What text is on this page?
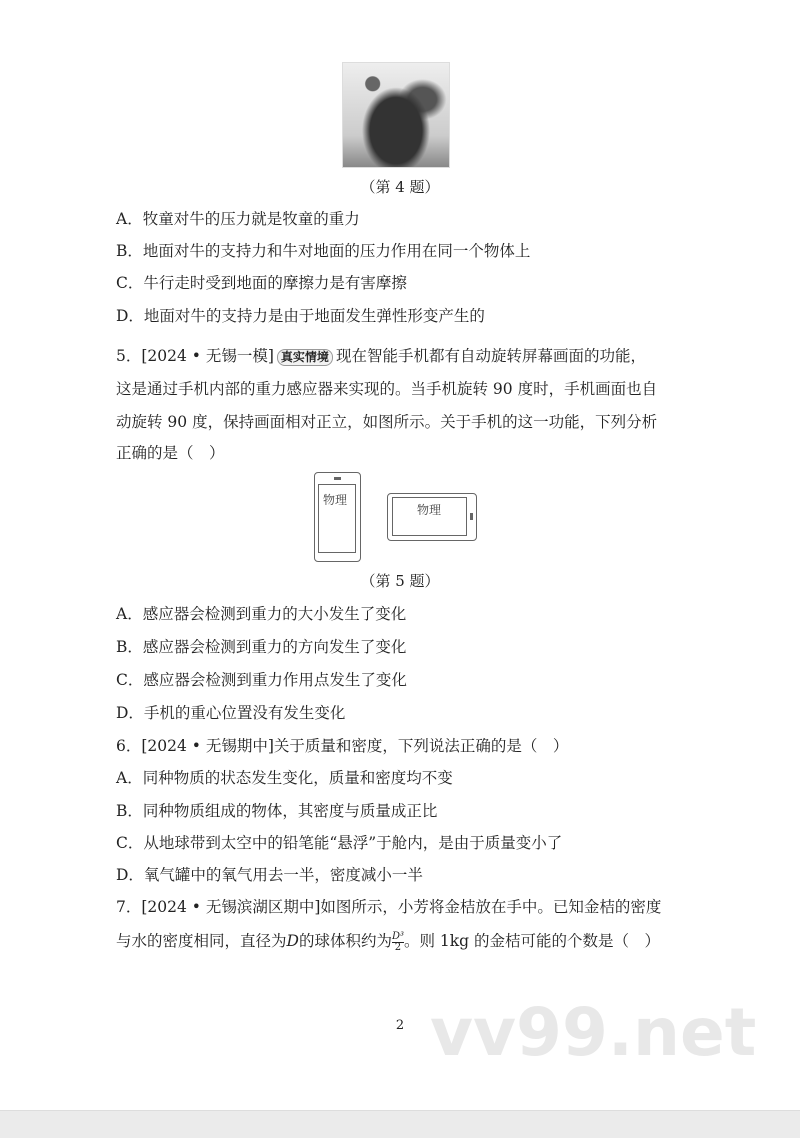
（第 4 题）
A．牧童对牛的压力就是牧童的重力
B．地面对牛的支持力和牛对地面的压力作用在同一个物体上
C．牛行走时受到地面的摩擦力是有害摩擦
D．地面对牛的支持力是由于地面发生弹性形变产生的
5．[2024 • 无锡一模] 真实情境 现在智能手机都有自动旋转屏幕画面的功能，
这是通过手机内部的重力感应器来实现的。当手机旋转 90 度时，手机画面也自
动旋转 90 度，保持画面相对正立，如图所示。关于手机的这一功能，下列分析
正确的是（　）
物理
物理
（第 5 题）
A．感应器会检测到重力的大小发生了变化
B．感应器会检测到重力的方向发生了变化
C．感应器会检测到重力作用点发生了变化
D．手机的重心位置没有发生变化
6．[2024 • 无锡期中]关于质量和密度，下列说法正确的是（　）
A．同种物质的状态发生变化，质量和密度均不变
B．同种物质组成的物体，其密度与质量成正比
C．从地球带到太空中的铅笔能“悬浮”于舱内，是由于质量变小了
D．氧气罐中的氧气用去一半，密度减小一半
7．[2024 • 无锡滨湖区期中]如图所示，小芳将金桔放在手中。已知金桔的密度
与水的密度相同，直径为D的球体积约为 $\frac{\text{D³}}{2}$ 。则 1kg 的金桔可能的个数是（　）
vv99.net
2
